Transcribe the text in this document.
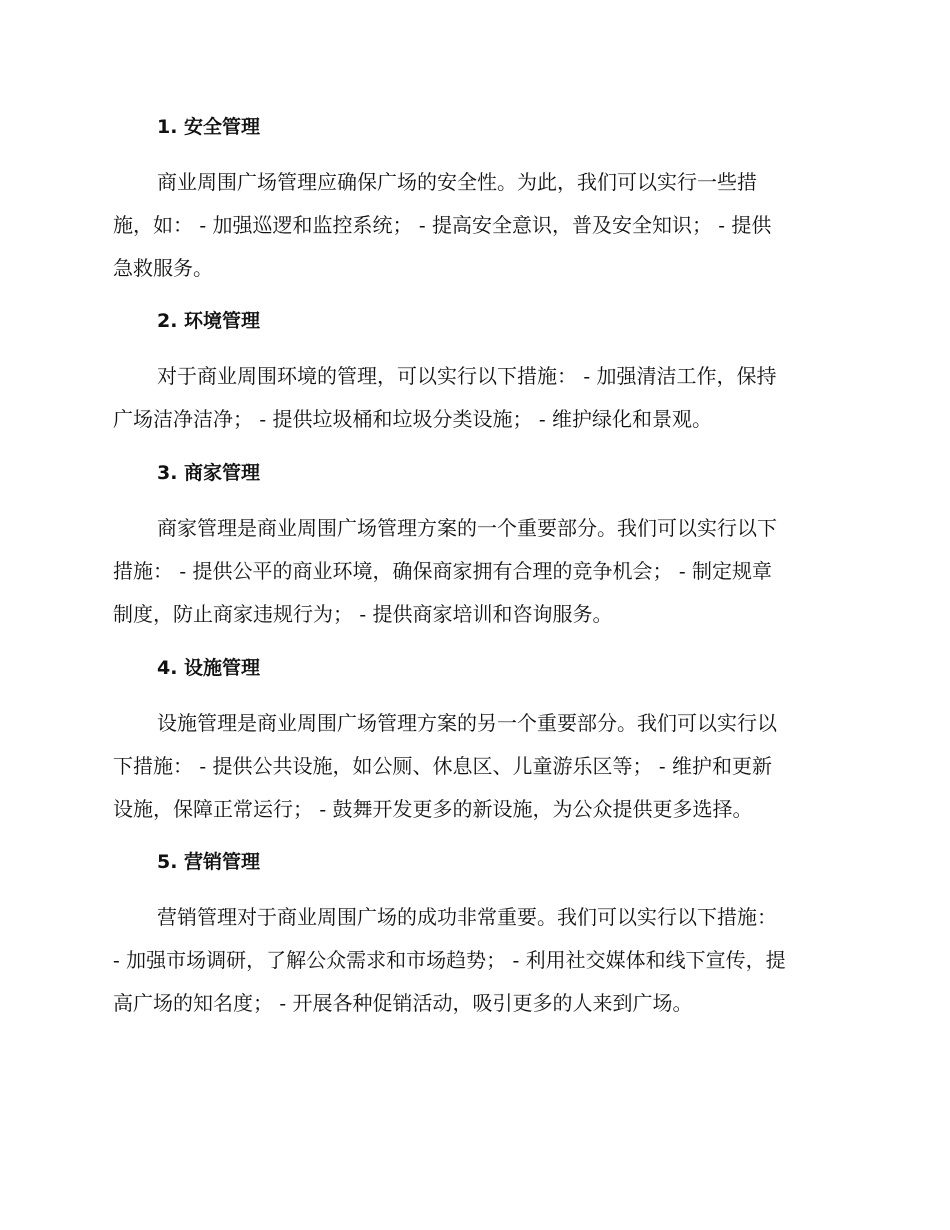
1. 安全管理
商业周围广场管理应确保广场的安全性。为此，我们可以实行一些措
施，如： - 加强巡逻和监控系统； - 提高安全意识，普及安全知识； - 提供
急救服务。
2. 环境管理
对于商业周围环境的管理，可以实行以下措施： - 加强清洁工作，保持
广场洁净洁净； - 提供垃圾桶和垃圾分类设施； - 维护绿化和景观。
3. 商家管理
商家管理是商业周围广场管理方案的一个重要部分。我们可以实行以下
措施： - 提供公平的商业环境，确保商家拥有合理的竞争机会； - 制定规章
制度，防止商家违规行为； - 提供商家培训和咨询服务。
4. 设施管理
设施管理是商业周围广场管理方案的另一个重要部分。我们可以实行以
下措施： - 提供公共设施，如公厕、休息区、儿童游乐区等； - 维护和更新
设施，保障正常运行； - 鼓舞开发更多的新设施，为公众提供更多选择。
5. 营销管理
营销管理对于商业周围广场的成功非常重要。我们可以实行以下措施：
- 加强市场调研，了解公众需求和市场趋势； - 利用社交媒体和线下宣传，提
高广场的知名度； - 开展各种促销活动，吸引更多的人来到广场。
